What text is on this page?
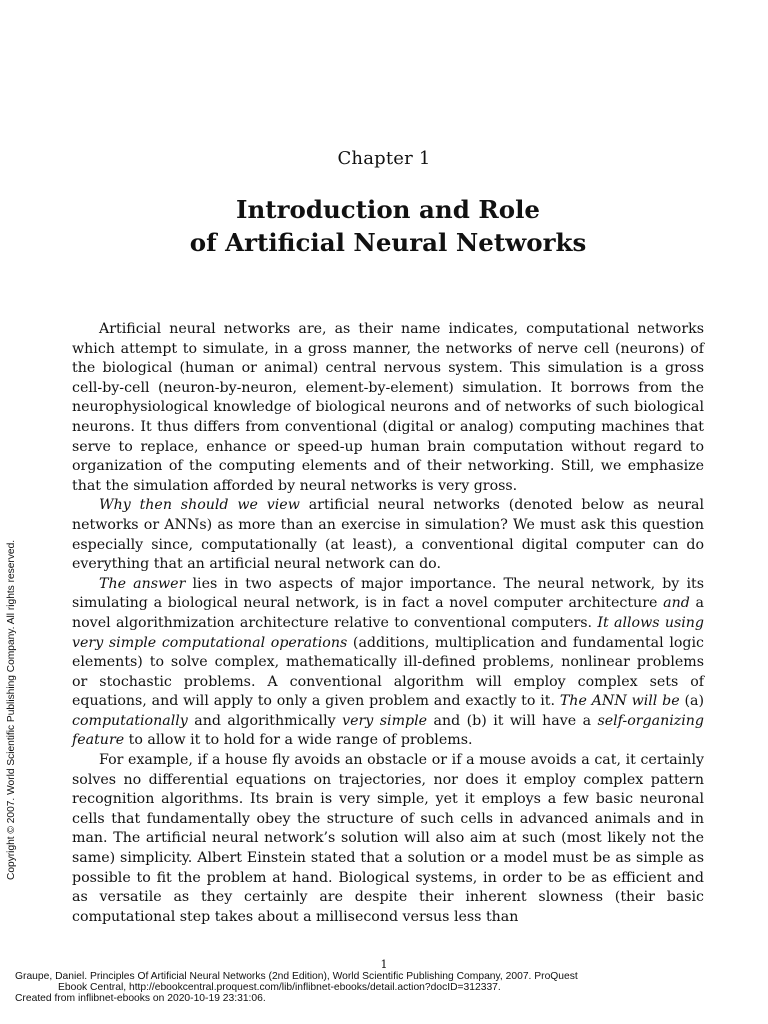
Chapter 1
Introduction and Role
of Artificial Neural Networks

Artificial neural networks are, as their name indicates, computational networks which attempt to simulate, in a gross manner, the networks of nerve cell (neurons) of the biological (human or animal) central nervous system. This simulation is a gross cell-by-cell (neuron-by-neuron, element-by-element) simulation. It borrows from the neurophysiological knowledge of biological neurons and of networks of such biological neurons. It thus differs from conventional (digital or analog) computing machines that serve to replace, enhance or speed-up human brain computation without regard to organization of the computing elements and of their networking. Still, we emphasize that the simulation afforded by neural networks is very gross.

Why then should we view artificial neural networks (denoted below as neural networks or ANNs) as more than an exercise in simulation? We must ask this question especially since, computationally (at least), a conventional digital computer can do everything that an artificial neural network can do.

The answer lies in two aspects of major importance. The neural network, by its simulating a biological neural network, is in fact a novel computer architecture and a novel algorithmization architecture relative to conventional computers. It allows using very simple computational operations (additions, multiplication and fundamental logic elements) to solve complex, mathematically ill-defined problems, nonlinear problems or stochastic problems. A conventional algorithm will employ complex sets of equations, and will apply to only a given problem and exactly to it. The ANN will be (a) computationally and algorithmically very simple and (b) it will have a self-organizing feature to allow it to hold for a wide range of problems.

For example, if a house fly avoids an obstacle or if a mouse avoids a cat, it certainly solves no differential equations on trajectories, nor does it employ complex pattern recognition algorithms. Its brain is very simple, yet it employs a few basic neuronal cells that fundamentally obey the structure of such cells in advanced animals and in man. The artificial neural network’s solution will also aim at such (most likely not the same) simplicity. Albert Einstein stated that a solution or a model must be as simple as possible to fit the problem at hand. Biological systems, in order to be as efficient and as versatile as they certainly are despite their inherent slowness (their basic computational step takes about a millisecond versus less than

Copyright © 2007. World Scientific Publishing Company. All rights reserved.
1
Graupe, Daniel. Principles Of Artificial Neural Networks (2nd Edition), World Scientific Publishing Company, 2007. ProQuest
Ebook Central, http://ebookcentral.proquest.com/lib/inflibnet-ebooks/detail.action?docID=312337.
Created from inflibnet-ebooks on 2020-10-19 23:31:06.
